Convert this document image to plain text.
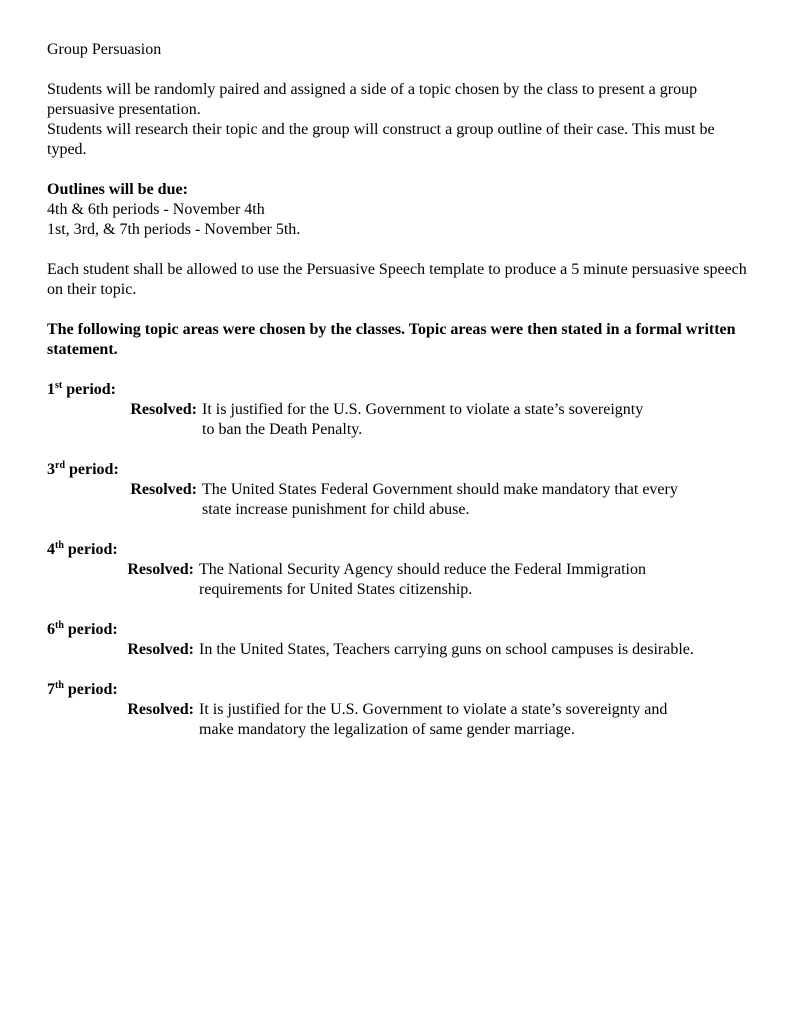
Group Persuasion
Students will be randomly paired and assigned a side of a topic chosen by the class to present a group persuasive presentation.
Students will research their topic and the group will construct a group outline of their case. This must be typed.
Outlines will be due:
4th & 6th periods - November 4th
1st, 3rd, & 7th periods - November 5th.
Each student shall be allowed to use the Persuasive Speech template to produce a 5 minute persuasive speech on their topic.
The following topic areas were chosen by the classes. Topic areas were then stated in a formal written statement.
1st period:
Resolved: It is justified for the U.S. Government to violate a state’s sovereignty
to ban the Death Penalty.
3rd period:
Resolved: The United States Federal Government should make mandatory that every
state increase punishment for child abuse.
4th period:
Resolved: The National Security Agency should reduce the Federal Immigration
requirements for United States citizenship.
6th period:
Resolved: In the United States, Teachers carrying guns on school campuses is desirable.
7th period:
Resolved: It is justified for the U.S. Government to violate a state’s sovereignty and
make mandatory the legalization of same gender marriage.
